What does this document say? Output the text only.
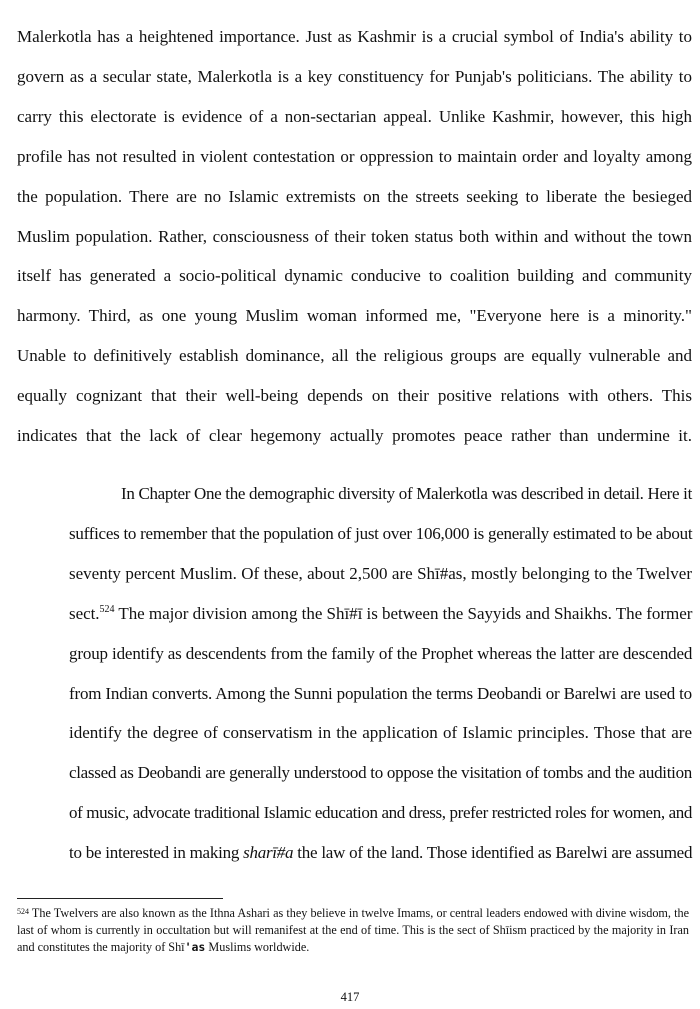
Malerkotla has a heightened importance. Just as Kashmir is a crucial symbol of India's ability to
govern as a secular state, Malerkotla is a key constituency for Punjab's politicians. The ability to
carry this electorate is evidence of a non-sectarian appeal. Unlike Kashmir, however, this high
profile has not resulted in violent contestation or oppression to maintain order and loyalty among
the population. There are no Islamic extremists on the streets seeking to liberate the besieged
Muslim population. Rather, consciousness of their token status both within and without the town
itself has generated a socio-political dynamic conducive to coalition building and community
harmony. Third, as one young Muslim woman informed me, "Everyone here is a minority."
Unable to definitively establish dominance, all the religious groups are equally vulnerable and
equally cognizant that their well-being depends on their positive relations with others. This
indicates that the lack of clear hegemony actually promotes peace rather than undermine it.
In Chapter One the demographic diversity of Malerkotla was described in detail. Here it
suffices to remember that the population of just over 106,000 is generally estimated to be about
seventy percent Muslim. Of these, about 2,500 are Shī#as, mostly belonging to the Twelver
sect.$^{524}$ The major division among the Shī#ī is between the Sayyids and Shaikhs. The former
group identify as descendents from the family of the Prophet whereas the latter are descended
from Indian converts. Among the Sunni population the terms Deobandi or Barelwi are used to
identify the degree of conservatism in the application of Islamic principles. Those that are
classed as Deobandi are generally understood to oppose the visitation of tombs and the audition
of music, advocate traditional Islamic education and dress, prefer restricted roles for women, and
to be interested in making sharī#a the law of the land. Those identified as Barelwi are assumed

$^{524}$ The Twelvers are also known as the Ithna Ashari as they believe in twelve Imams, or central leaders endowed with divine wisdom, the last of whom is currently in occultation but will remanifest at the end of time. This is the sect of Shīism practiced by the majority in Iran and constitutes the majority of Shī'as Muslims worldwide.

417
